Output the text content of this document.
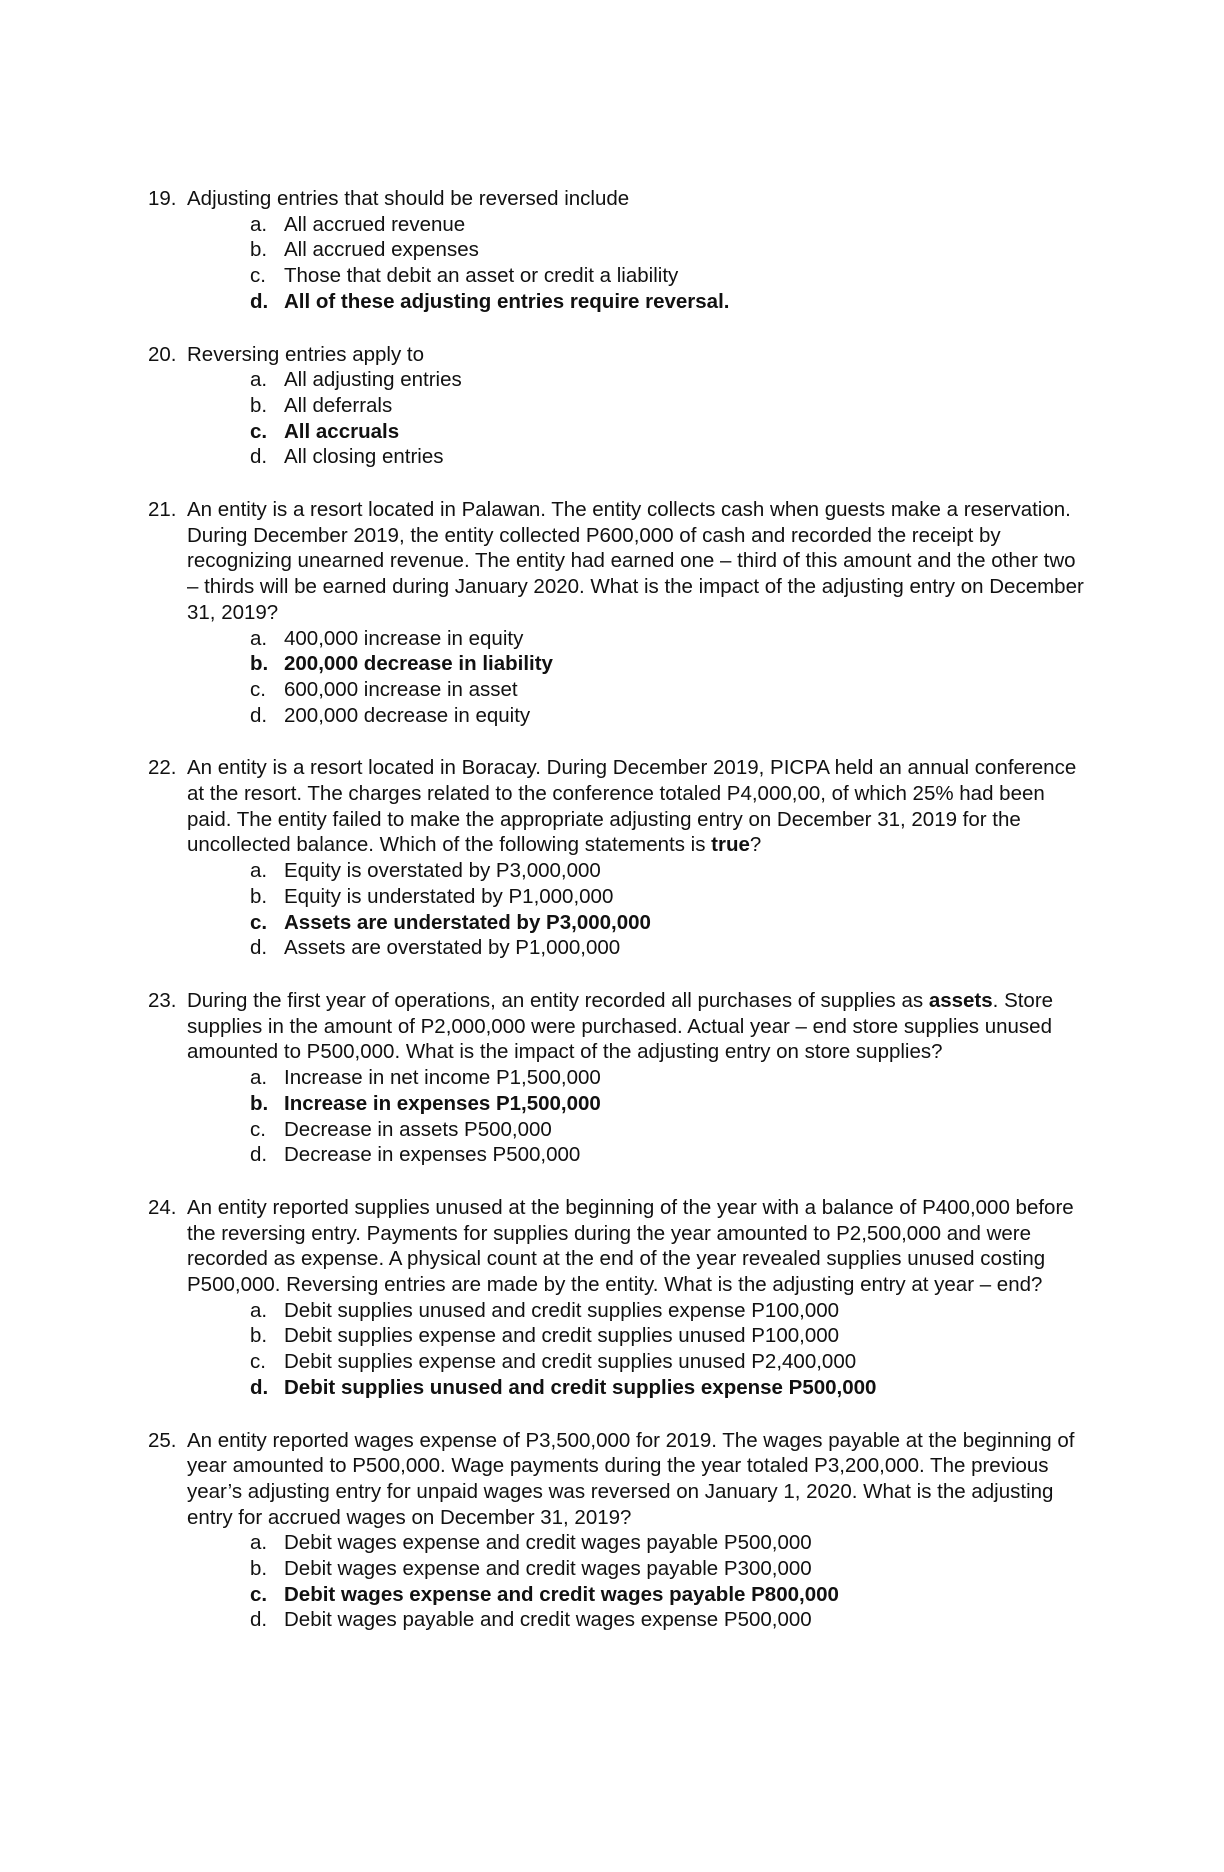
19. Adjusting entries that should be reversed include
a. All accrued revenue
b. All accrued expenses
c. Those that debit an asset or credit a liability
d. All of these adjusting entries require reversal.
20. Reversing entries apply to
a. All adjusting entries
b. All deferrals
c. All accruals
d. All closing entries
21. An entity is a resort located in Palawan. The entity collects cash when guests make a reservation. During December 2019, the entity collected P600,000 of cash and recorded the receipt by recognizing unearned revenue. The entity had earned one – third of this amount and the other two – thirds will be earned during January 2020. What is the impact of the adjusting entry on December 31, 2019?
a. 400,000 increase in equity
b. 200,000 decrease in liability
c. 600,000 increase in asset
d. 200,000 decrease in equity
22. An entity is a resort located in Boracay. During December 2019, PICPA held an annual conference at the resort. The charges related to the conference totaled P4,000,00, of which 25% had been paid. The entity failed to make the appropriate adjusting entry on December 31, 2019 for the uncollected balance. Which of the following statements is true?
a. Equity is overstated by P3,000,000
b. Equity is understated by P1,000,000
c. Assets are understated by P3,000,000
d. Assets are overstated by P1,000,000
23. During the first year of operations, an entity recorded all purchases of supplies as assets. Store supplies in the amount of P2,000,000 were purchased. Actual year – end store supplies unused amounted to P500,000. What is the impact of the adjusting entry on store supplies?
a. Increase in net income P1,500,000
b. Increase in expenses P1,500,000
c. Decrease in assets P500,000
d. Decrease in expenses P500,000
24. An entity reported supplies unused at the beginning of the year with a balance of P400,000 before the reversing entry. Payments for supplies during the year amounted to P2,500,000 and were recorded as expense. A physical count at the end of the year revealed supplies unused costing P500,000. Reversing entries are made by the entity. What is the adjusting entry at year – end?
a. Debit supplies unused and credit supplies expense P100,000
b. Debit supplies expense and credit supplies unused P100,000
c. Debit supplies expense and credit supplies unused P2,400,000
d. Debit supplies unused and credit supplies expense P500,000
25. An entity reported wages expense of P3,500,000 for 2019. The wages payable at the beginning of year amounted to P500,000. Wage payments during the year totaled P3,200,000. The previous year’s adjusting entry for unpaid wages was reversed on January 1, 2020. What is the adjusting entry for accrued wages on December 31, 2019?
a. Debit wages expense and credit wages payable P500,000
b. Debit wages expense and credit wages payable P300,000
c. Debit wages expense and credit wages payable P800,000
d. Debit wages payable and credit wages expense P500,000
